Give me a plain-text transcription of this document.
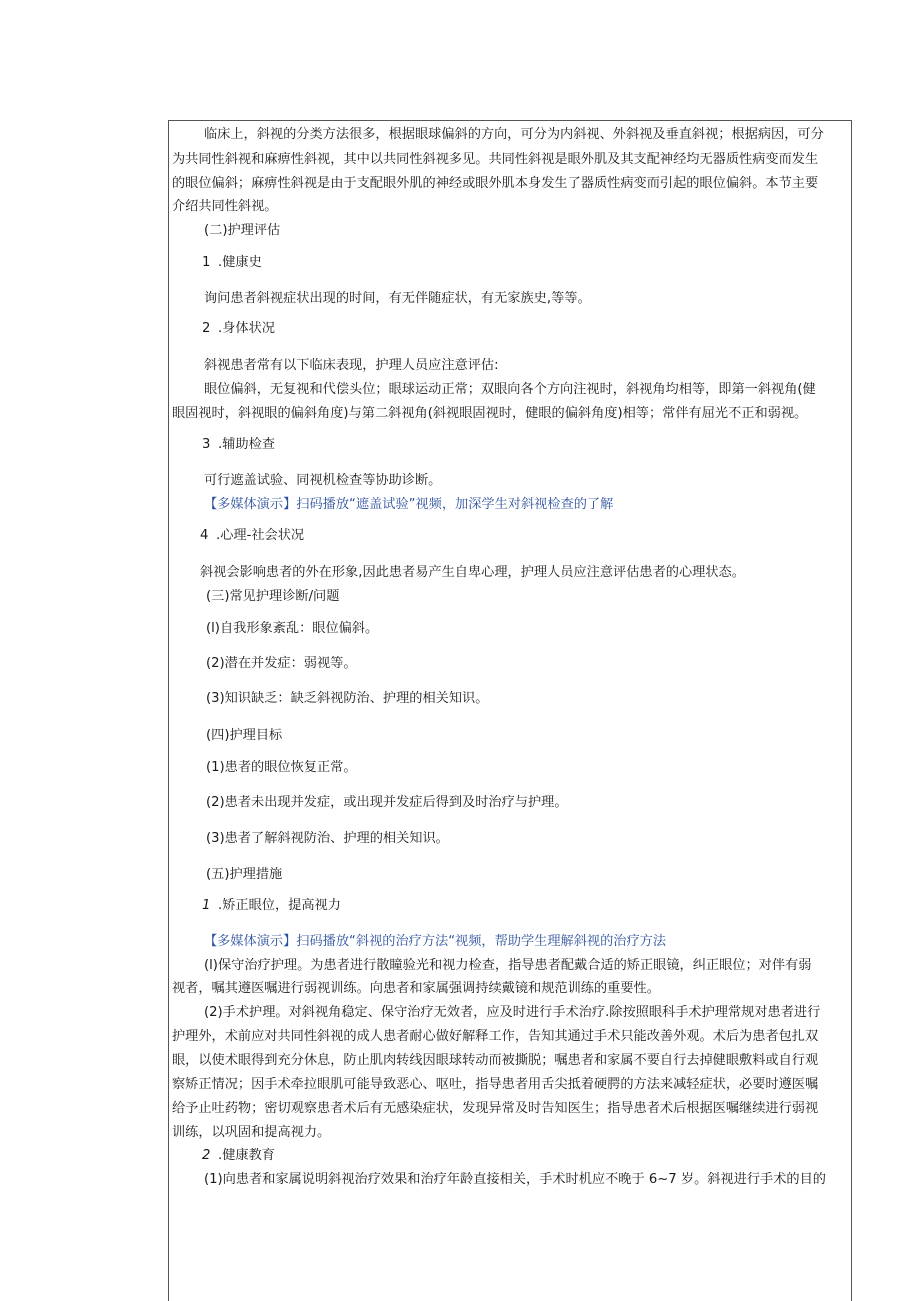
临床上，斜视的分类方法很多，根据眼球偏斜的方向，可分为内斜视、外斜视及垂直斜视；根据病因，可分
为共同性斜视和麻痹性斜视，其中以共同性斜视多见。共同性斜视是眼外肌及其支配神经均无器质性病变而发生
的眼位偏斜；麻痹性斜视是由于支配眼外肌的神经或眼外肌本身发生了器质性病变而引起的眼位偏斜。本节主要
介绍共同性斜视。
(二)护理评估
1 .健康史
询问患者斜视症状出现的时间，有无伴随症状，有无家族史,等等。
2 .身体状况
斜视患者常有以下临床表现，护理人员应注意评估:
眼位偏斜，无复视和代偿头位；眼球运动正常；双眼向各个方向注视时，斜视角均相等，即第一斜视角(健
眼固视时，斜视眼的偏斜角度)与第二斜视角(斜视眼固视时，健眼的偏斜角度)相等；常伴有屈光不正和弱视。
3 .辅助检查
可行遮盖试验、同视机检查等协助诊断。
【多媒体演示】扫码播放“遮盖试验”视频，加深学生对斜视检查的了解
4 .心理-社会状况
斜视会影响患者的外在形象,因此患者易产生自卑心理，护理人员应注意评估患者的心理状态。
(三)常见护理诊断/问题
(l)自我形象紊乱：眼位偏斜。
(2)潜在并发症：弱视等。
(3)知识缺乏：缺乏斜视防治、护理的相关知识。
(四)护理目标
(1)患者的眼位恢复正常。
(2)患者未出现并发症，或出现并发症后得到及时治疗与护理。
(3)患者了解斜视防治、护理的相关知识。
(五)护理措施
1 .矫正眼位，提高视力
【多媒体演示】扫码播放“斜视的治疗方法“视频，帮助学生理解斜视的治疗方法
(l)保守治疗护理。为患者进行散瞳验光和视力检查，指导患者配戴合适的矫正眼镜，纠正眼位；对伴有弱
视者，嘱其遵医嘱进行弱视训练。向患者和家属强调持续戴镜和规范训练的重要性。
(2)手术护理。对斜视角稳定、保守治疗无效者，应及时进行手术治疗.除按照眼科手术护理常规对患者进行
护理外，术前应对共同性斜视的成人患者耐心做好解释工作，告知其通过手术只能改善外观。术后为患者包扎双
眼，以使术眼得到充分休息，防止肌肉转线因眼球转动而被撕脱；嘱患者和家属不要自行去掉健眼敷料或自行观
察矫正情况；因手术牵拉眼肌可能导致恶心、呕吐，指导患者用舌尖抵着硬腭的方法来减轻症状，必要时遵医嘱
给予止吐药物；密切观察患者术后有无感染症状，发现异常及时告知医生；指导患者术后根据医嘱继续进行弱视
训练，以巩固和提高视力。
2 .健康教育
(1)向患者和家属说明斜视治疗效果和治疗年龄直接相关，手术时机应不晚于 6~7 岁。斜视进行手术的目的
